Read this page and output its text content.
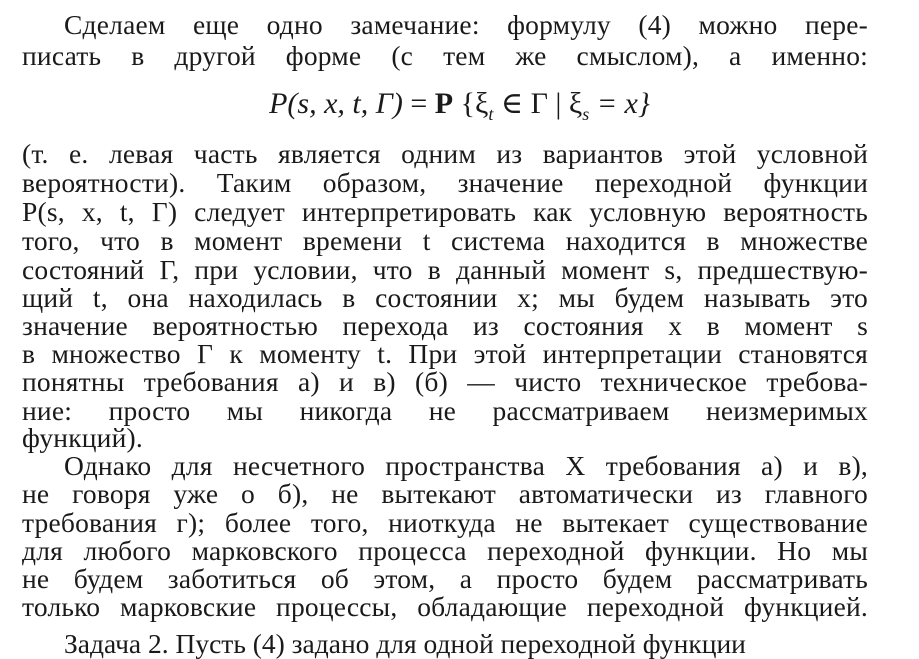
Сделаем еще одно замечание: формулу (4) можно пере-
писать в другой форме (с тем же смыслом), а именно:
P(s, x, t, Γ) = P {$\xi_t$ ∈ Γ | $\xi_s = x$}
(т. е. левая часть является одним из вариантов этой условной
вероятности). Таким образом, значение переходной функции
P(s, x, t, Γ) следует интерпретировать как условную вероятность
того, что в момент времени t система находится в множестве
состояний Γ, при условии, что в данный момент s, предшествую-
щий t, она находилась в состоянии x; мы будем называть это
значение вероятностью перехода из состояния x в момент s
в множество Γ к моменту t. При этой интерпретации становятся
понятны требования а) и в) (б) — чисто техническое требова-
ние: просто мы никогда не рассматриваем неизмеримых
функций).
Однако для несчетного пространства X требования а) и в),
не говоря уже о б), не вытекают автоматически из главного
требования г); более того, ниоткуда не вытекает существование
для любого марковского процесса переходной функции. Но мы
не будем заботиться об этом, а просто будем рассматривать
только марковские процессы, обладающие переходной функцией.
Задача 2. Пусть (4) задано для одной переходной функции
